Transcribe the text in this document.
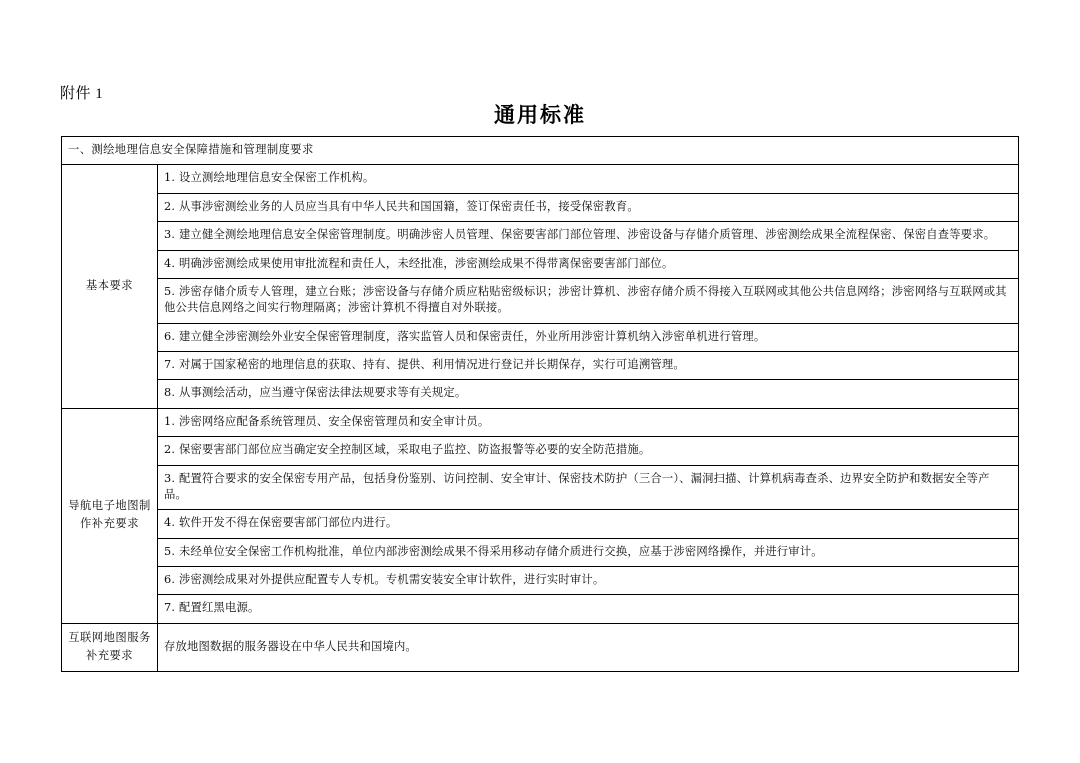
附件 1
通用标准
一、测绘地理信息安全保障措施和管理制度要求	
基本要求	1. 设立测绘地理信息安全保密工作机构。
	2. 从事涉密测绘业务的人员应当具有中华人民共和国国籍，签订保密责任书，接受保密教育。
	3. 建立健全测绘地理信息安全保密管理制度。明确涉密人员管理、保密要害部门部位管理、涉密设备与存储介质管理、涉密测绘成果全流程保密、保密自查等要求。
	4. 明确涉密测绘成果使用审批流程和责任人，未经批准，涉密测绘成果不得带离保密要害部门部位。
	5. 涉密存储介质专人管理，建立台账；涉密设备与存储介质应粘贴密级标识；涉密计算机、涉密存储介质不得接入互联网或其他公共信息网络；涉密网络与互联网或其他公共信息网络之间实行物理隔离；涉密计算机不得擅自对外联接。
	6. 建立健全涉密测绘外业安全保密管理制度，落实监管人员和保密责任，外业所用涉密计算机纳入涉密单机进行管理。
	7. 对属于国家秘密的地理信息的获取、持有、提供、利用情况进行登记并长期保存，实行可追溯管理。
	8. 从事测绘活动，应当遵守保密法律法规要求等有关规定。
导航电子地图制作补充要求	1. 涉密网络应配备系统管理员、安全保密管理员和安全审计员。
	2. 保密要害部门部位应当确定安全控制区域，采取电子监控、防盗报警等必要的安全防范措施。
	3. 配置符合要求的安全保密专用产品，包括身份鉴别、访问控制、安全审计、保密技术防护（三合一）、漏洞扫描、计算机病毒查杀、边界安全防护和数据安全等产品。
	4. 软件开发不得在保密要害部门部位内进行。
	5. 未经单位安全保密工作机构批准，单位内部涉密测绘成果不得采用移动存储介质进行交换，应基于涉密网络操作，并进行审计。
	6. 涉密测绘成果对外提供应配置专人专机。专机需安装安全审计软件，进行实时审计。
	7. 配置红黑电源。
互联网地图服务补充要求	存放地图数据的服务器设在中华人民共和国境内。
